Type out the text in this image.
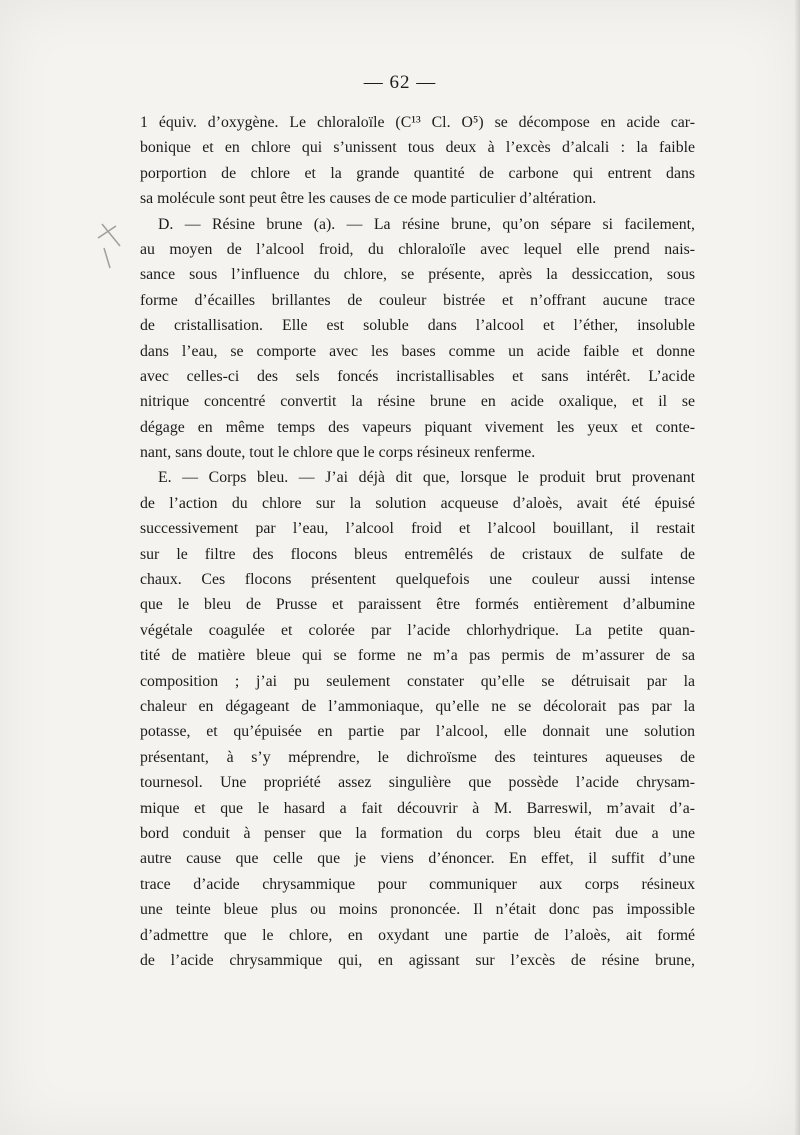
— 62 —
1 équiv. d’oxygène. Le chloraloïle (C¹³ Cl. O⁵) se décompose en acide car-
bonique et en chlore qui s’unissent tous deux à l’excès d’alcali : la faible
porportion de chlore et la grande quantité de carbone qui entrent dans
sa molécule sont peut être les causes de ce mode particulier d’altération.
D. — Résine brune (a). — La résine brune, qu’on sépare si facilement,
au moyen de l’alcool froid, du chloraloïle avec lequel elle prend nais-
sance sous l’influence du chlore, se présente, après la dessiccation, sous
forme d’écailles brillantes de couleur bistrée et n’offrant aucune trace
de cristallisation. Elle est soluble dans l’alcool et l’éther, insoluble
dans l’eau, se comporte avec les bases comme un acide faible et donne
avec celles-ci des sels foncés incristallisables et sans intérêt. L’acide
nitrique concentré convertit la résine brune en acide oxalique, et il se
dégage en même temps des vapeurs piquant vivement les yeux et conte-
nant, sans doute, tout le chlore que le corps résineux renferme.
E. — Corps bleu. — J’ai déjà dit que, lorsque le produit brut provenant
de l’action du chlore sur la solution acqueuse d’aloès, avait été épuisé
successivement par l’eau, l’alcool froid et l’alcool bouillant, il restait
sur le filtre des flocons bleus entremêlés de cristaux de sulfate de
chaux. Ces flocons présentent quelquefois une couleur aussi intense
que le bleu de Prusse et paraissent être formés entièrement d’albumine
végétale coagulée et colorée par l’acide chlorhydrique. La petite quan-
tité de matière bleue qui se forme ne m’a pas permis de m’assurer de sa
composition ; j’ai pu seulement constater qu’elle se détruisait par la
chaleur en dégageant de l’ammoniaque, qu’elle ne se décolorait pas par la
potasse, et qu’épuisée en partie par l’alcool, elle donnait une solution
présentant, à s’y méprendre, le dichroïsme des teintures aqueuses de
tournesol. Une propriété assez singulière que possède l’acide chrysam-
mique et que le hasard a fait découvrir à M. Barreswil, m’avait d’a-
bord conduit à penser que la formation du corps bleu était due a une
autre cause que celle que je viens d’énoncer. En effet, il suffit d’une
trace d’acide chrysammique pour communiquer aux corps résineux
une teinte bleue plus ou moins prononcée. Il n’était donc pas impossible
d’admettre que le chlore, en oxydant une partie de l’aloès, ait formé
de l’acide chrysammique qui, en agissant sur l’excès de résine brune,
